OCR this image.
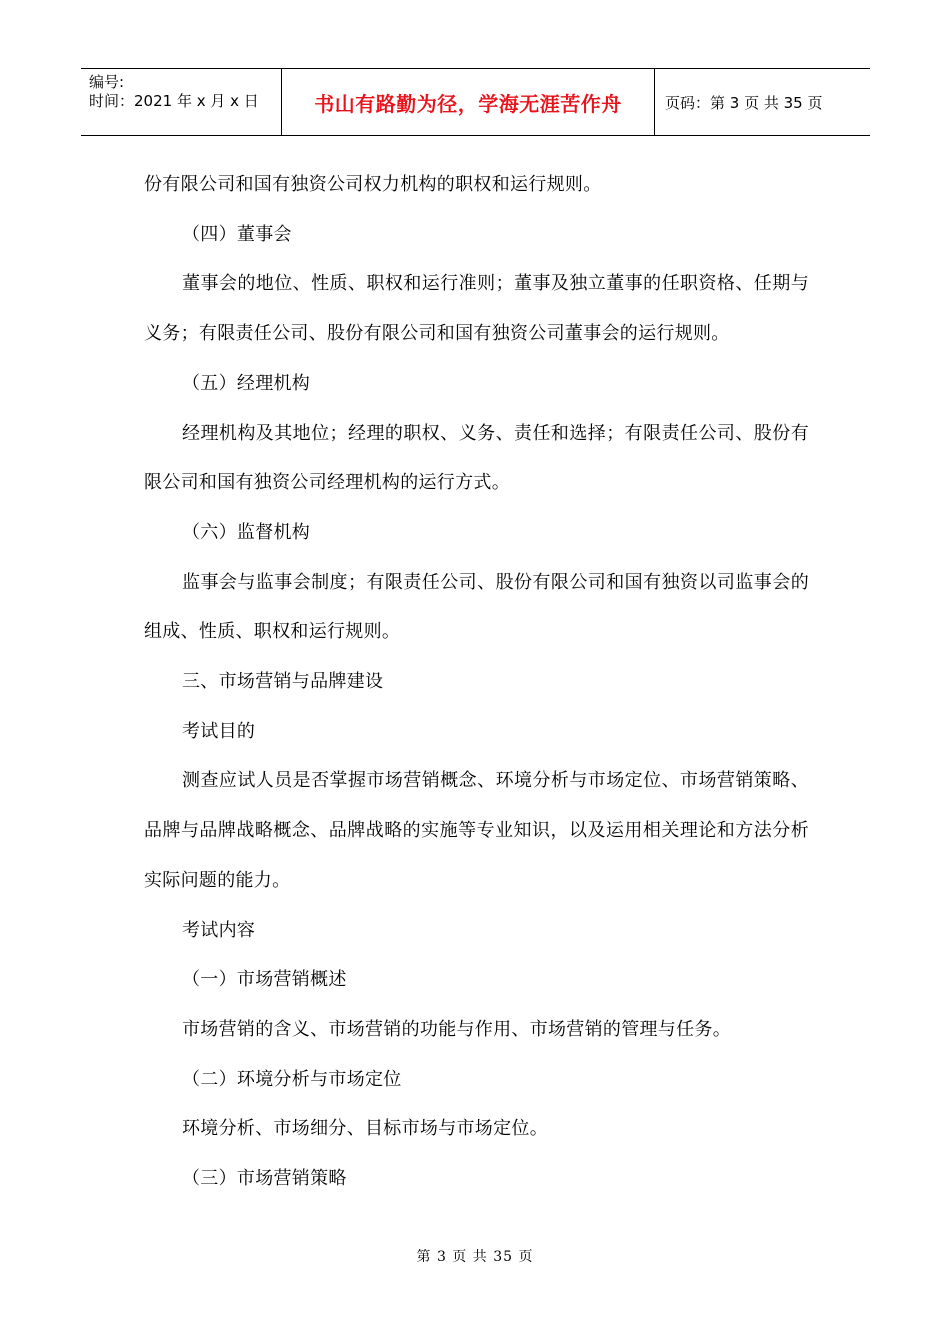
编号:
时间：2021 年 x 月 x 日	书山有路勤为径，学海无涯苦作舟	页码：第 3 页 共 35 页

份有限公司和国有独资公司权力机构的职权和运行规则。

（四）董事会

董事会的地位、性质、职权和运行准则；董事及独立董事的任职资格、任期与义务；有限责任公司、股份有限公司和国有独资公司董事会的运行规则。

（五）经理机构

经理机构及其地位；经理的职权、义务、责任和选择；有限责任公司、股份有限公司和国有独资公司经理机构的运行方式。

（六）监督机构

监事会与监事会制度；有限责任公司、股份有限公司和国有独资以司监事会的组成、性质、职权和运行规则。

三、市场营销与品牌建设

考试目的

测查应试人员是否掌握市场营销概念、环境分析与市场定位、市场营销策略、品牌与品牌战略概念、品牌战略的实施等专业知识，以及运用相关理论和方法分析实际问题的能力。

考试内容

（一）市场营销概述

市场营销的含义、市场营销的功能与作用、市场营销的管理与任务。

（二）环境分析与市场定位

环境分析、市场细分、目标市场与市场定位。

（三）市场营销策略

第 3 页 共 35 页
